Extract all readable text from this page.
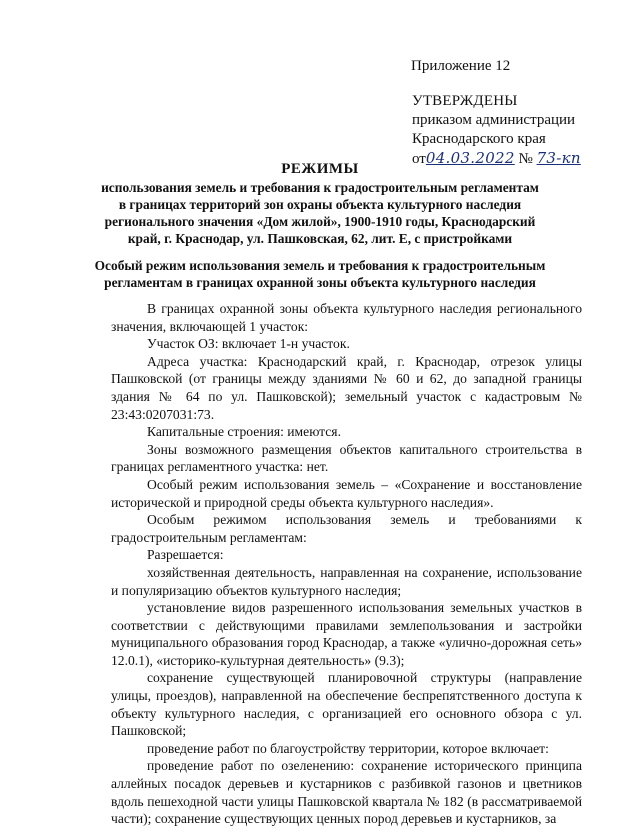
Приложение 12
УТВЕРЖДЕНЫ
приказом администрации
Краснодарского края
от04.03.2022 № 73-кп
РЕЖИМЫ
использования земель и требования к градостроительным регламентам в границах территорий зон охраны объекта культурного наследия регионального значения «Дом жилой», 1900-1910 годы, Краснодарский край, г. Краснодар, ул. Пашковская, 62, лит. Е, с пристройками
Особый режим использования земель и требования к градостроительным регламентам в границах охранной зоны объекта культурного наследия

В границах охранной зоны объекта культурного наследия регионального значения, включающей 1 участок:

Участок ОЗ: включает 1-н участок.

Адреса участка: Краснодарский край, г. Краснодар, отрезок улицы Пашковской (от границы между зданиями № 60 и 62, до западной границы здания № 64 по ул. Пашковской); земельный участок с кадастровым № 23:43:0207031:73.

Капитальные строения: имеются.

Зоны возможного размещения объектов капитального строительства в границах регламентного участка: нет.

Особый режим использования земель – «Сохранение и восстановление исторической и природной среды объекта культурного наследия».

Особым режимом использования земель и требованиями к градостроительным регламентам:

Разрешается:

хозяйственная деятельность, направленная на сохранение, использование и популяризацию объектов культурного наследия;

установление видов разрешенного использования земельных участков в соответствии с действующими правилами землепользования и застройки муниципального образования город Краснодар, а также «улично-дорожная сеть» 12.0.1), «историко-культурная деятельность» (9.3);

сохранение существующей планировочной структуры (направление улицы, проездов), направленной на обеспечение беспрепятственного доступа к объекту культурного наследия, с организацией его основного обзора с ул. Пашковской;

проведение работ по благоустройству территории, которое включает:

проведение работ по озеленению: сохранение исторического принципа аллейных посадок деревьев и кустарников с разбивкой газонов и цветников вдоль пешеходной части улицы Пашковской квартала № 182 (в рассматриваемой части); сохранение существующих ценных пород деревьев и кустарников, за
